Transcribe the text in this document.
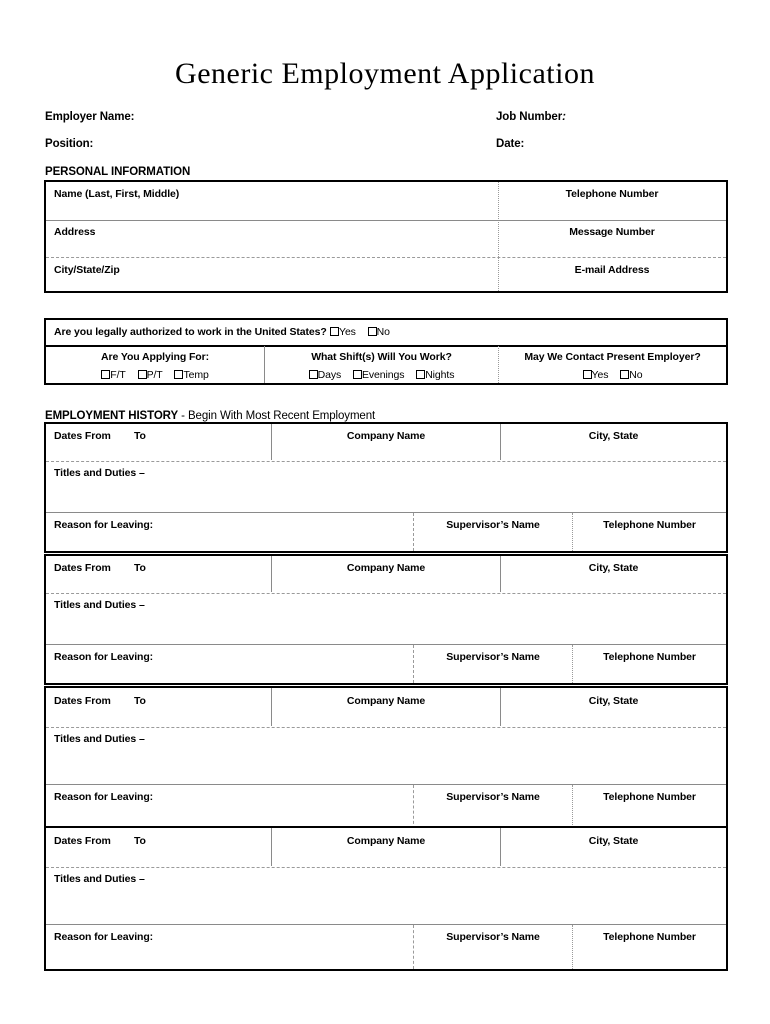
Generic Employment Application
Employer Name:
Position:
Job Number:
Date:
PERSONAL INFORMATION
Name (Last, First, Middle)	Telephone Number
Address	Message Number
City/State/Zip	E-mail Address
Are you legally authorized to work in the United States?	Yes No
Are You Applying For:	What Shift(s) Will You Work?	May We Contact Present Employer?
F/T P/T Temp	Days Evenings Nights	Yes No
EMPLOYMENT HISTORY - Begin With Most Recent Employment
Dates From To	Company Name	City, State
Titles and Duties –
Reason for Leaving:	Supervisor’s Name	Telephone Number
Dates From To	Company Name	City, State
Titles and Duties –
Reason for Leaving:	Supervisor’s Name	Telephone Number
Dates From To	Company Name	City, State
Titles and Duties –
Reason for Leaving:	Supervisor’s Name	Telephone Number
Dates From To	Company Name	City, State
Titles and Duties –
Reason for Leaving:	Supervisor’s Name	Telephone Number
